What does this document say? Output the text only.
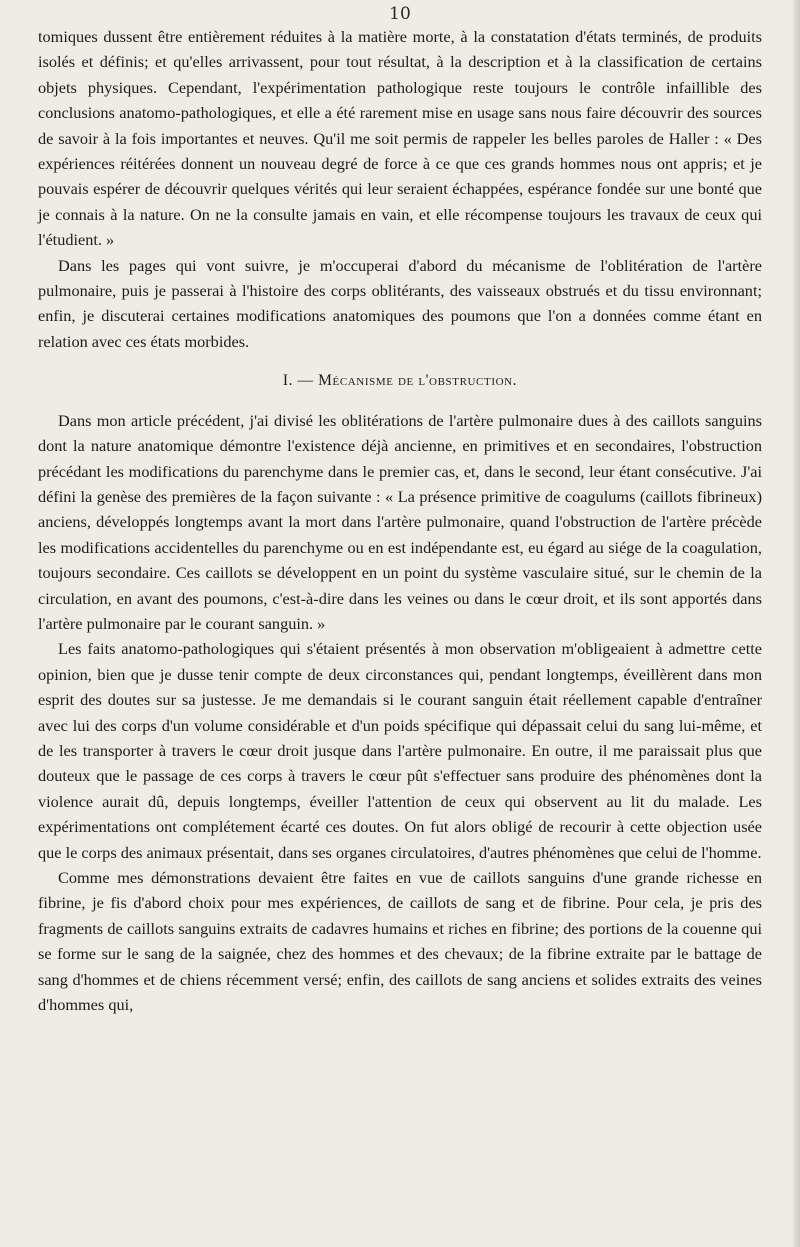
10

tomiques dussent être entièrement réduites à la matière morte, à la constatation d'états terminés, de produits isolés et définis; et qu'elles arrivassent, pour tout résultat, à la description et à la classification de certains objets physiques. Cependant, l'expérimentation pathologique reste toujours le contrôle infaillible des conclusions anatomo-pathologiques, et elle a été rarement mise en usage sans nous faire découvrir des sources de savoir à la fois importantes et neuves. Qu'il me soit permis de rappeler les belles paroles de Haller : « Des expériences réitérées donnent un nouveau degré de force à ce que ces grands hommes nous ont appris; et je pouvais espérer de découvrir quelques vérités qui leur seraient échappées, espérance fondée sur une bonté que je connais à la nature. On ne la consulte jamais en vain, et elle récompense toujours les travaux de ceux qui l'étudient. »

Dans les pages qui vont suivre, je m'occuperai d'abord du mécanisme de l'oblitération de l'artère pulmonaire, puis je passerai à l'histoire des corps oblitérants, des vaisseaux obstrués et du tissu environnant; enfin, je discuterai certaines modifications anatomiques des poumons que l'on a données comme étant en relation avec ces états morbides.

I. — Mécanisme de l'obstruction.

Dans mon article précédent, j'ai divisé les oblitérations de l'artère pulmonaire dues à des caillots sanguins dont la nature anatomique démontre l'existence déjà ancienne, en primitives et en secondaires, l'obstruction précédant les modifications du parenchyme dans le premier cas, et, dans le second, leur étant consécutive. J'ai défini la genèse des premières de la façon suivante : « La présence primitive de coagulums (caillots fibrineux) anciens, développés longtemps avant la mort dans l'artère pulmonaire, quand l'obstruction de l'artère précède les modifications accidentelles du parenchyme ou en est indépendante est, eu égard au siége de la coagulation, toujours secondaire. Ces caillots se développent en un point du système vasculaire situé, sur le chemin de la circulation, en avant des poumons, c'est-à-dire dans les veines ou dans le cœur droit, et ils sont apportés dans l'artère pulmonaire par le courant sanguin. »

Les faits anatomo-pathologiques qui s'étaient présentés à mon observation m'obligeaient à admettre cette opinion, bien que je dusse tenir compte de deux circonstances qui, pendant longtemps, éveillèrent dans mon esprit des doutes sur sa justesse. Je me demandais si le courant sanguin était réellement capable d'entraîner avec lui des corps d'un volume considérable et d'un poids spécifique qui dépassait celui du sang lui-même, et de les transporter à travers le cœur droit jusque dans l'artère pulmonaire. En outre, il me paraissait plus que douteux que le passage de ces corps à travers le cœur pût s'effectuer sans produire des phénomènes dont la violence aurait dû, depuis longtemps, éveiller l'attention de ceux qui observent au lit du malade. Les expérimentations ont complétement écarté ces doutes. On fut alors obligé de recourir à cette objection usée que le corps des animaux présentait, dans ses organes circulatoires, d'autres phénomènes que celui de l'homme.

Comme mes démonstrations devaient être faites en vue de caillots sanguins d'une grande richesse en fibrine, je fis d'abord choix pour mes expériences, de caillots de sang et de fibrine. Pour cela, je pris des fragments de caillots sanguins extraits de cadavres humains et riches en fibrine; des portions de la couenne qui se forme sur le sang de la saignée, chez des hommes et des chevaux; de la fibrine extraite par le battage de sang d'hommes et de chiens récemment versé; enfin, des caillots de sang anciens et solides extraits des veines d'hommes qui,
